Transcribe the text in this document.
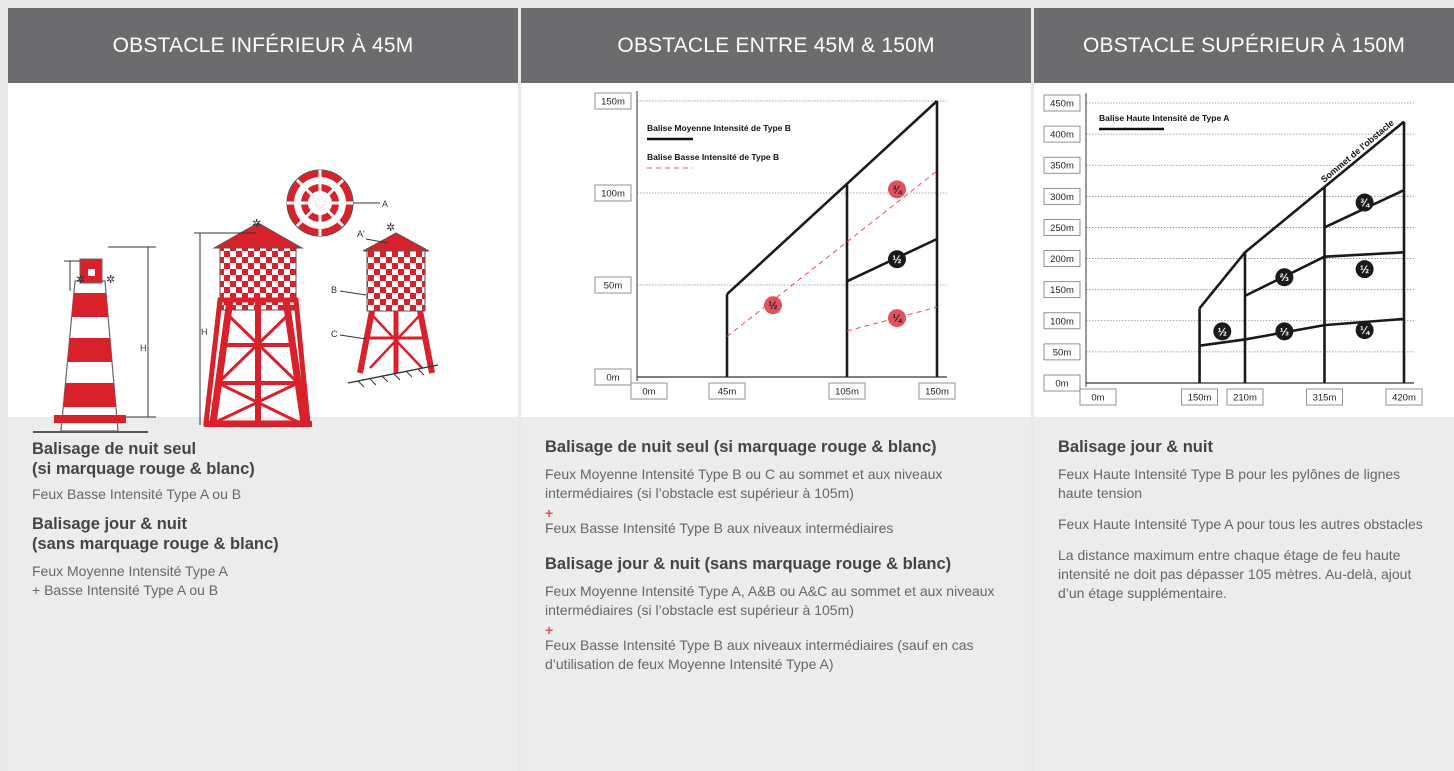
OBSTACLE INFÉRIEUR À 45M
✲ ✲
H
H
✲
A
B
C
A' ✲
Balisage de nuit seul
(si marquage rouge & blanc)

Feux Basse Intensité Type A ou B

Balisage jour & nuit
(sans marquage rouge & blanc)

Feux Moyenne Intensité Type A

+ Basse Intensité Type A ou B

OBSTACLE ENTRE 45M & 150M
0m
50m
100m
150m
0m	45m	105m	150m
½
¾
½
¼
Balise Moyenne Intensité de Type B
Balise Basse Intensité de Type B
Balisage de nuit seul (si marquage rouge & blanc)

Feux Moyenne Intensité Type B ou C au sommet et aux niveaux intermédiaires (si l’obstacle est supérieur à 105m)

+

Feux Basse Intensité Type B aux niveaux intermédiaires

Balisage jour & nuit (sans marquage rouge & blanc)

Feux Moyenne Intensité Type A, A&B ou A&C au sommet et aux niveaux intermédiaires (si l’obstacle est supérieur à 105m)

+

Feux Basse Intensité Type B aux niveaux intermédiaires (sauf en cas d’utilisation de feux Moyenne Intensité Type A)

OBSTACLE SUPÉRIEUR À 150M
0m
50m
100m
150m
200m
250m
300m
350m
400m
450m
0m	150m 210m	315m	420m
½	⅓	¼
⅔
½
¾
Balise Haute Intensité de Type A	Sommet de l'obstacle
Balisage jour & nuit

Feux Haute Intensité Type B pour les pylônes de lignes haute tension

Feux Haute Intensité Type A pour tous les autres obstacles

La distance maximum entre chaque étage de feu haute intensité ne doit pas dépasser 105 mètres. Au-delà, ajout d’un étage supplémentaire.
